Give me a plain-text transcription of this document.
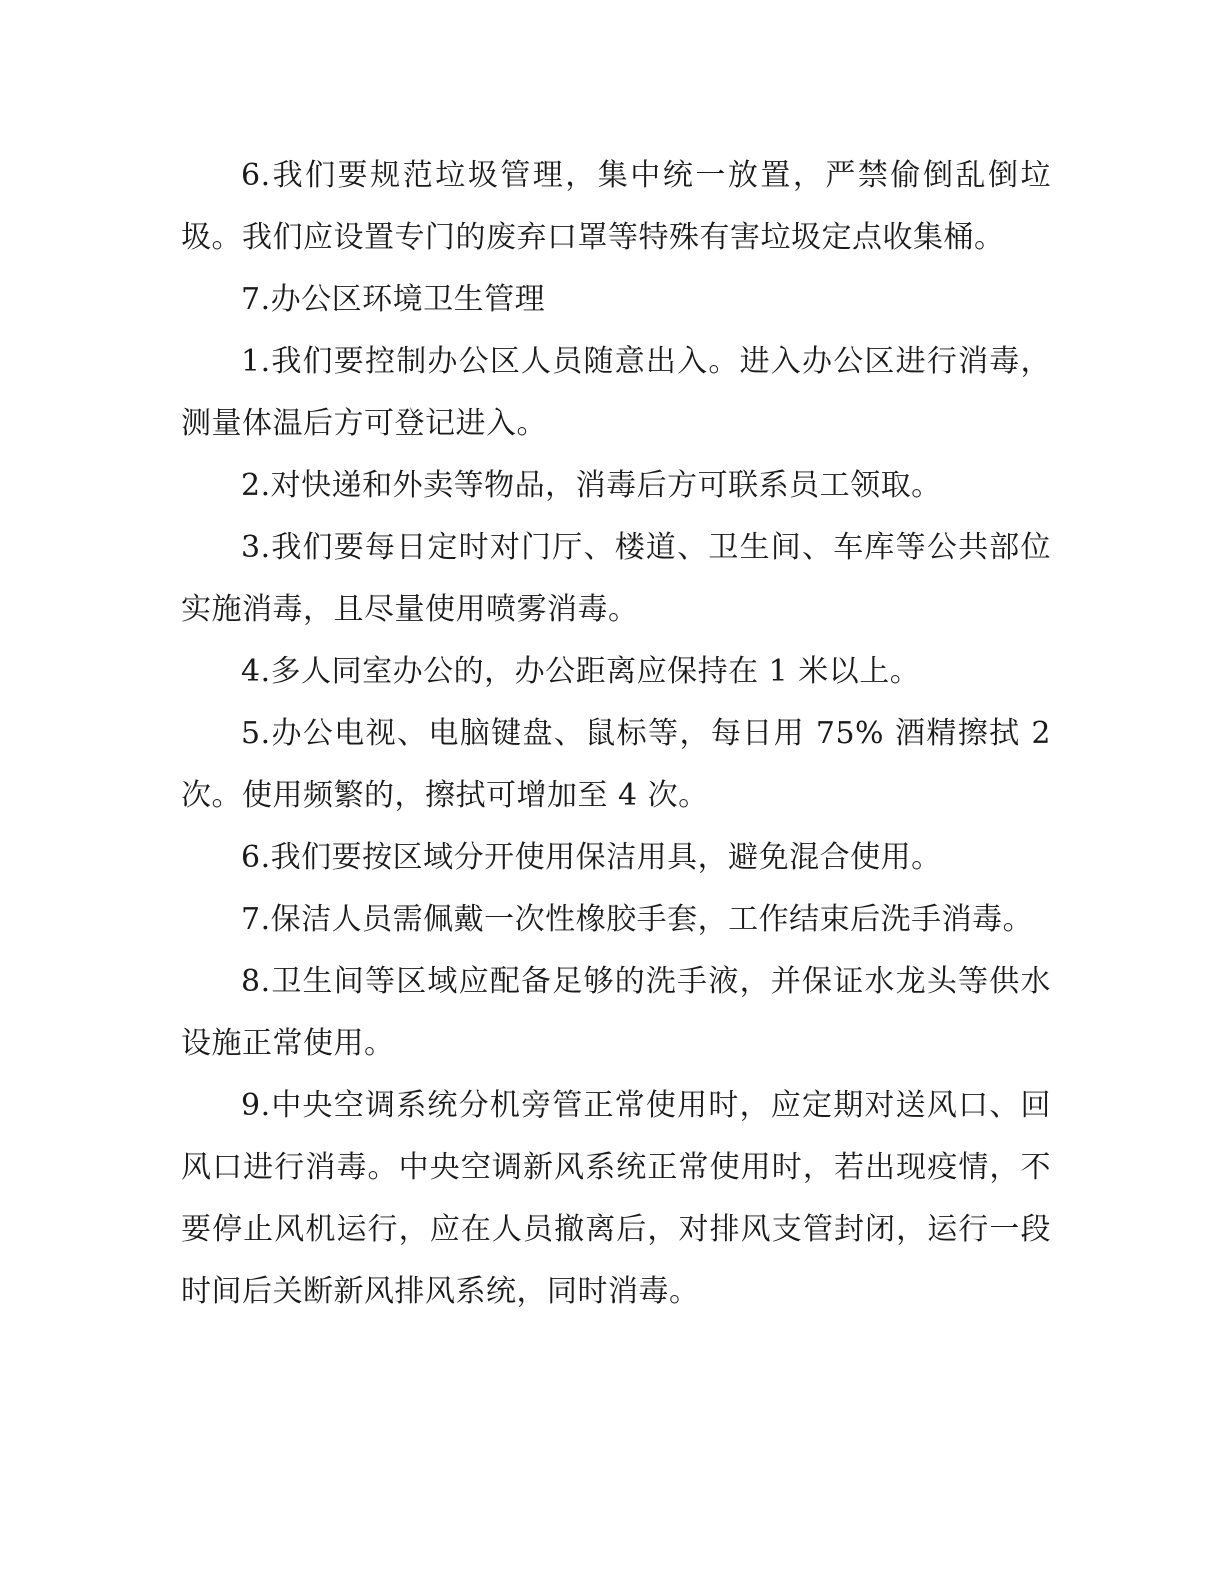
6.我们要规范垃圾管理，集中统一放置，严禁偷倒乱倒垃圾。我们应设置专门的废弃口罩等特殊有害垃圾定点收集桶。

7.办公区环境卫生管理

1.我们要控制办公区人员随意出入。进入办公区进行消毒，测量体温后方可登记进入。

2.对快递和外卖等物品，消毒后方可联系员工领取。

3.我们要每日定时对门厅、楼道、卫生间、车库等公共部位实施消毒，且尽量使用喷雾消毒。

4.多人同室办公的，办公距离应保持在 1 米以上。

5.办公电视、电脑键盘、鼠标等，每日用 75% 酒精擦拭 2 次。使用频繁的，擦拭可增加至 4 次。

6.我们要按区域分开使用保洁用具，避免混合使用。

7.保洁人员需佩戴一次性橡胶手套，工作结束后洗手消毒。

8.卫生间等区域应配备足够的洗手液，并保证水龙头等供水设施正常使用。

9.中央空调系统分机旁管正常使用时，应定期对送风口、回风口进行消毒。中央空调新风系统正常使用时，若出现疫情，不要停止风机运行，应在人员撤离后，对排风支管封闭，运行一段时间后关断新风排风系统，同时消毒。
